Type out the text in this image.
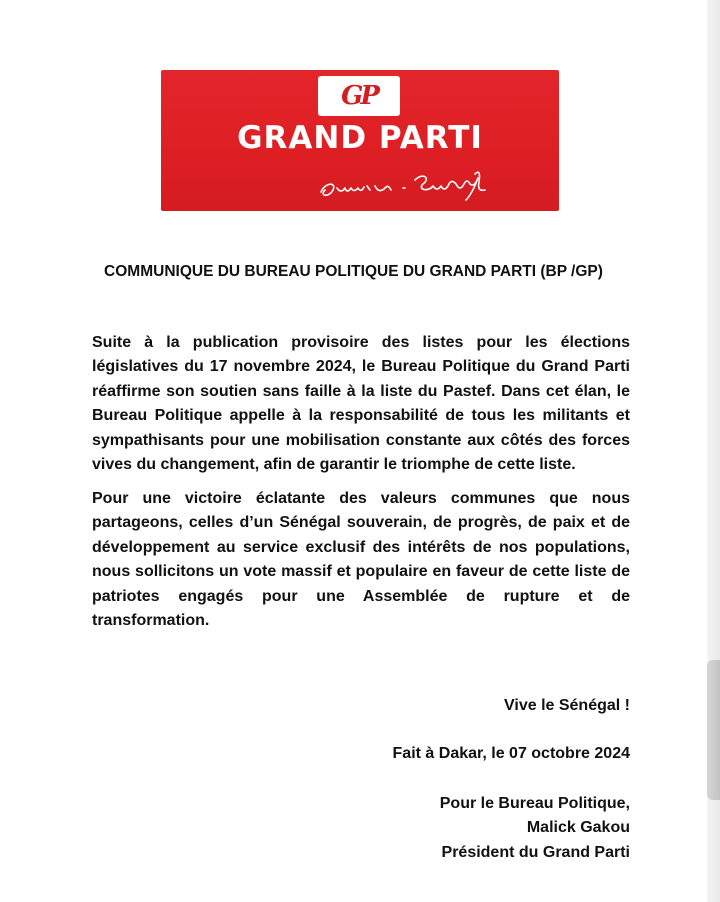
GP
GRAND PARTI
COMMUNIQUE DU BUREAU POLITIQUE DU GRAND PARTI (BP /GP)

Suite à la publication provisoire des listes pour les élections législatives du 17 novembre 2024, le Bureau Politique du Grand Parti réaffirme son soutien sans faille à la liste du Pastef. Dans cet élan, le Bureau Politique appelle à la responsabilité de tous les militants et sympathisants pour une mobilisation constante aux côtés des forces vives du changement, afin de garantir le triomphe de cette liste.

Pour une victoire éclatante des valeurs communes que nous partageons, celles d’un Sénégal souverain, de progrès, de paix et de développement au service exclusif des intérêts de nos populations, nous sollicitons un vote massif et populaire en faveur de cette liste de patriotes engagés pour une Assemblée de rupture et de transformation.

Vive le Sénégal !
Fait à Dakar, le 07 octobre 2024
Pour le Bureau Politique,
Malick Gakou
Président du Grand Parti
